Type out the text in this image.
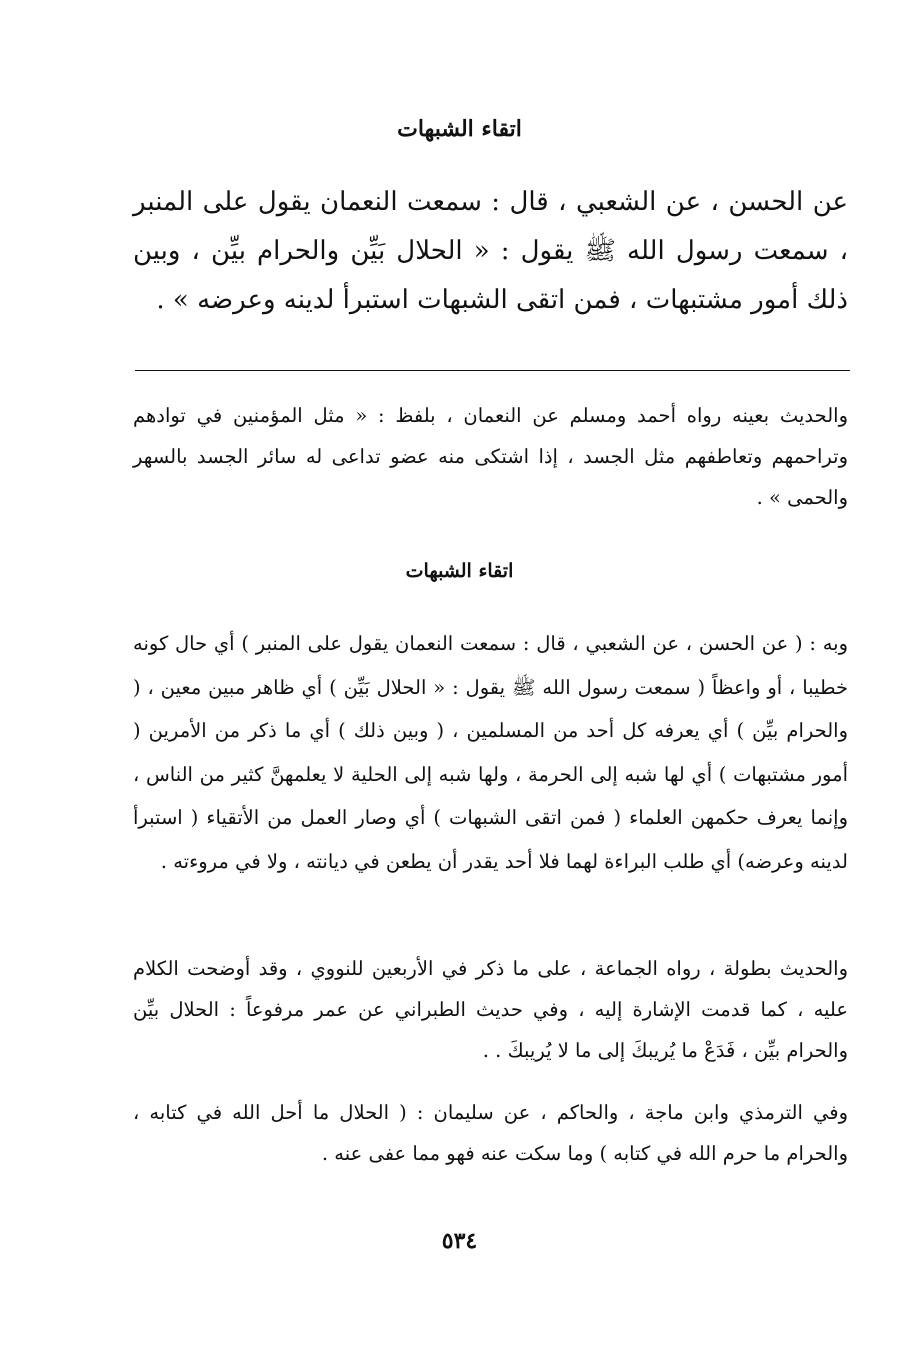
اتقاء الشبهات

عن الحسن ، عن الشعبي ، قال : سمعت النعمان يقول على المنبر ، سمعت رسول الله ﷺ يقول : « الحلال بَيِّن والحرام بيِّن ، وبين ذلك أمور مشتبهات ، فمن اتقى الشبهات استبرأ لدينه وعرضه » .

والحديث بعينه رواه أحمد ومسلم عن النعمان ، بلفظ : « مثل المؤمنين في توادهم وتراحمهم وتعاطفهم مثل الجسد ، إذا اشتكى منه عضو تداعى له سائر الجسد بالسهر والحمى » .

اتقاء الشبهات

وبه : ( عن الحسن ، عن الشعبي ، قال : سمعت النعمان يقول على المنبر ) أي حال كونه خطيبا ، أو واعظاً ( سمعت رسول الله ﷺ يقول : « الحلال بَيِّن ) أي ظاهر مبين معين ، ( والحرام بيِّن ) أي يعرفه كل أحد من المسلمين ، ( وبين ذلك ) أي ما ذكر من الأمرين ( أمور مشتبهات ) أي لها شبه إلى الحرمة ، ولها شبه إلى الحلية لا يعلمهنَّ كثير من الناس ، وإنما يعرف حكمهن العلماء ( فمن اتقى الشبهات ) أي وصار العمل من الأتقياء ( استبرأ لدينه وعرضه) أي طلب البراءة لهما فلا أحد يقدر أن يطعن في ديانته ، ولا في مروءته .

والحديث بطولة ، رواه الجماعة ، على ما ذكر في الأربعين للنووي ، وقد أوضحت الكلام عليه ، كما قدمت الإشارة إليه ، وفي حديث الطبراني عن عمر مرفوعاً : الحلال بيِّن والحرام بيِّن ، فَدَعْ ما يُريبكَ إلى ما لا يُريبكَ . .

وفي الترمذي وابن ماجة ، والحاكم ، عن سليمان : ( الحلال ما أحل الله في كتابه ، والحرام ما حرم الله في كتابه ) وما سكت عنه فهو مما عفى عنه .

٥٣٤
